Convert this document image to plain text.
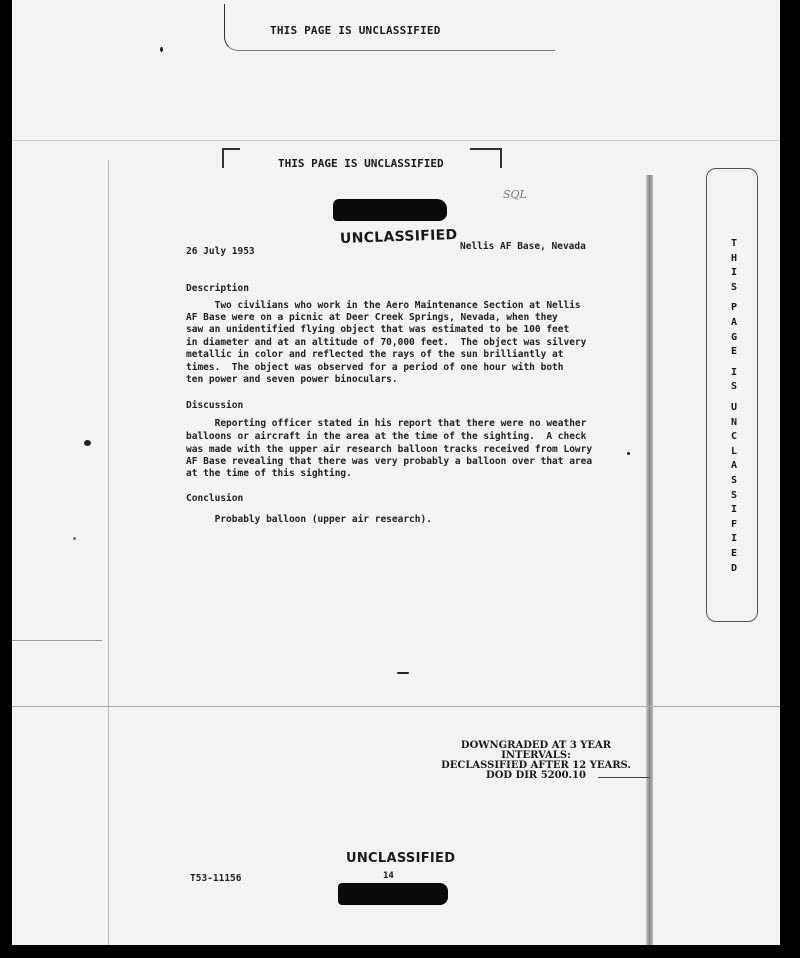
THIS PAGE IS UNCLASSIFIED
THIS PAGE IS UNCLASSIFIED
SQL
UNCLASSIFIED
26 July 1953	Nellis AF Base, Nevada
Description
Two civilians who work in the Aero Maintenance Section at Nellis
AF Base were on a picnic at Deer Creek Springs, Nevada, when they
saw an unidentified flying object that was estimated to be 100 feet
in diameter and at an altitude of 70,000 feet.  The object was silvery
metallic in color and reflected the rays of the sun brilliantly at
times.  The object was observed for a period of one hour with both
ten power and seven power binoculars.
Discussion
Reporting officer stated in his report that there were no weather
balloons or aircraft in the area at the time of the sighting.  A check
was made with the upper air research balloon tracks received from Lowry
AF Base revealing that there was very probably a balloon over that area
at the time of this sighting.
Conclusion
Probably balloon (upper air research).
T
H
I
S
P
A
G
E
I
S
U
N
C
L
A
S
S
I
F
I
E
D
DOWNGRADED AT 3 YEAR INTERVALS:
DECLASSIFIED AFTER 12 YEARS.
DOD DIR 5200.10
UNCLASSIFIED
14
T53-11156
